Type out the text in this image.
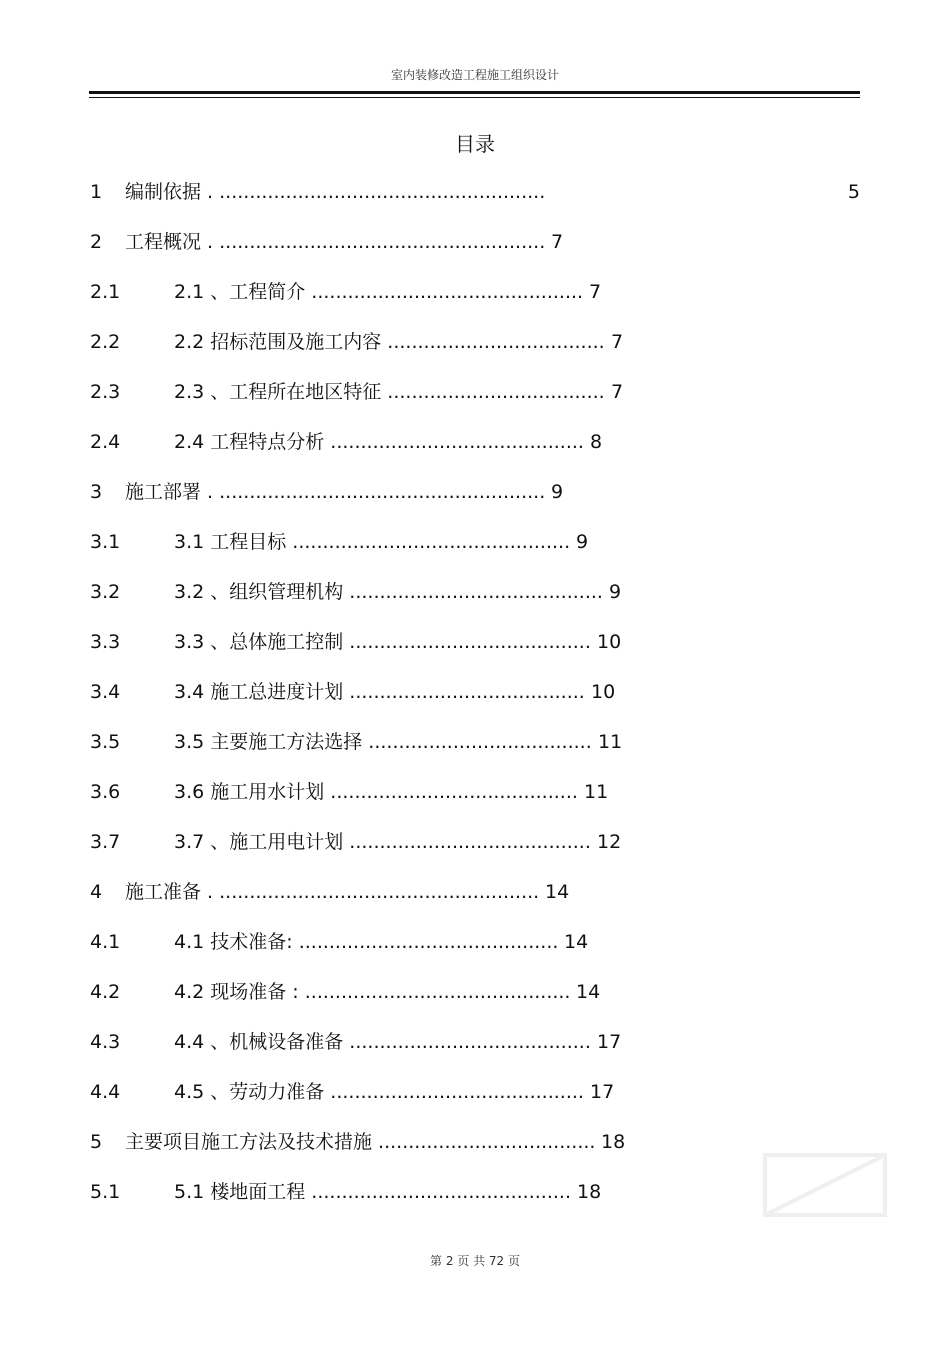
室内装修改造工程施工组织设计
目录
1 编制依据 . ......................................................	5
2 工程概况 . ...................................................... 7
2.1	2.1 、工程简介 ............................................. 7
2.2	2.2 招标范围及施工内容 .................................... 7
2.3	2.3 、工程所在地区特征 .................................... 7
2.4	2.4 工程特点分析 .......................................... 8
3 施工部署 . ...................................................... 9
3.1	3.1 工程目标 .............................................. 9
3.2	3.2 、组织管理机构 .......................................... 9
3.3	3.3 、总体施工控制 ........................................ 10
3.4	3.4 施工总进度计划 ....................................... 10
3.5	3.5 主要施工方法选择 ..................................... 11
3.6	3.6 施工用水计划 ......................................... 11
3.7	3.7 、施工用电计划 ........................................ 12
4 施工准备 . ..................................................... 14
4.1	4.1 技术准备: ........................................... 14
4.2	4.2 现场准备 : ............................................ 14
4.3	4.4 、机械设备准备 ........................................ 17
4.4	4.5 、劳动力准备 .......................................... 17
5 主要项目施工方法及技术措施 .................................... 18
5.1	5.1 楼地面工程 ........................................... 18
第 2 页 共 72 页
